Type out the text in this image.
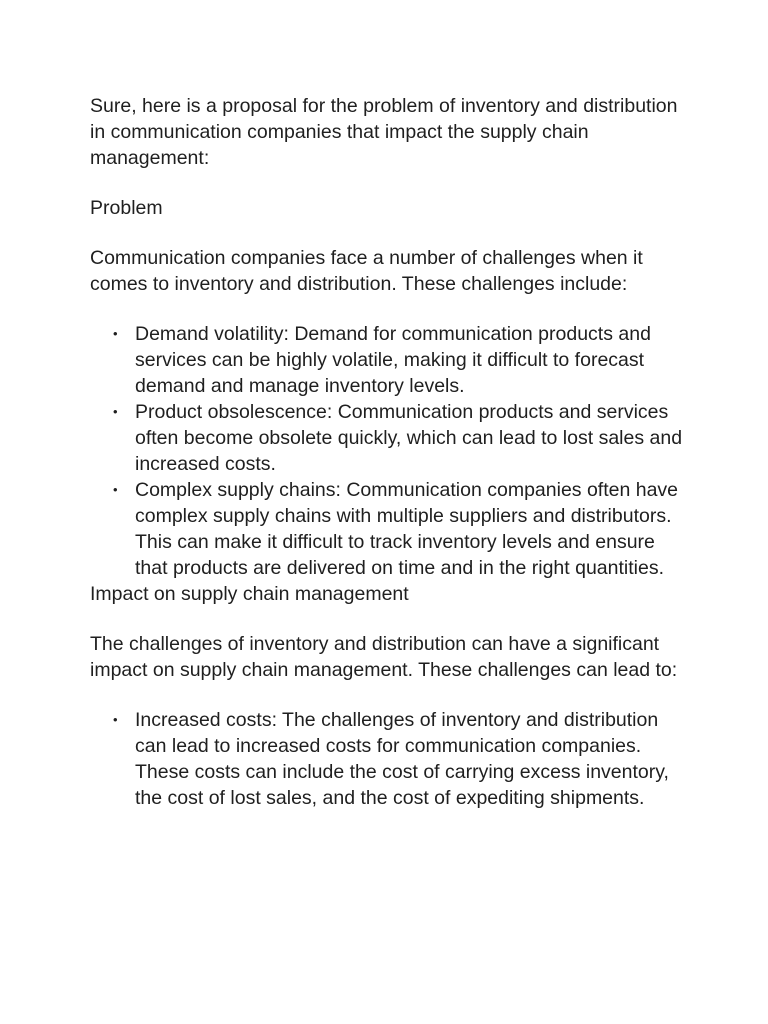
Sure, here is a proposal for the problem of inventory and distribution in communication companies that impact the supply chain management:

Problem

Communication companies face a number of challenges when it comes to inventory and distribution. These challenges include:

• Demand volatility: Demand for communication products and services can be highly volatile, making it difficult to forecast demand and manage inventory levels.
• Product obsolescence: Communication products and services often become obsolete quickly, which can lead to lost sales and increased costs.
• Complex supply chains: Communication companies often have complex supply chains with multiple suppliers and distributors. This can make it difficult to track inventory levels and ensure that products are delivered on time and in the right quantities.

Impact on supply chain management

The challenges of inventory and distribution can have a significant impact on supply chain management. These challenges can lead to:

• Increased costs: The challenges of inventory and distribution can lead to increased costs for communication companies. These costs can include the cost of carrying excess inventory, the cost of lost sales, and the cost of expediting shipments.
